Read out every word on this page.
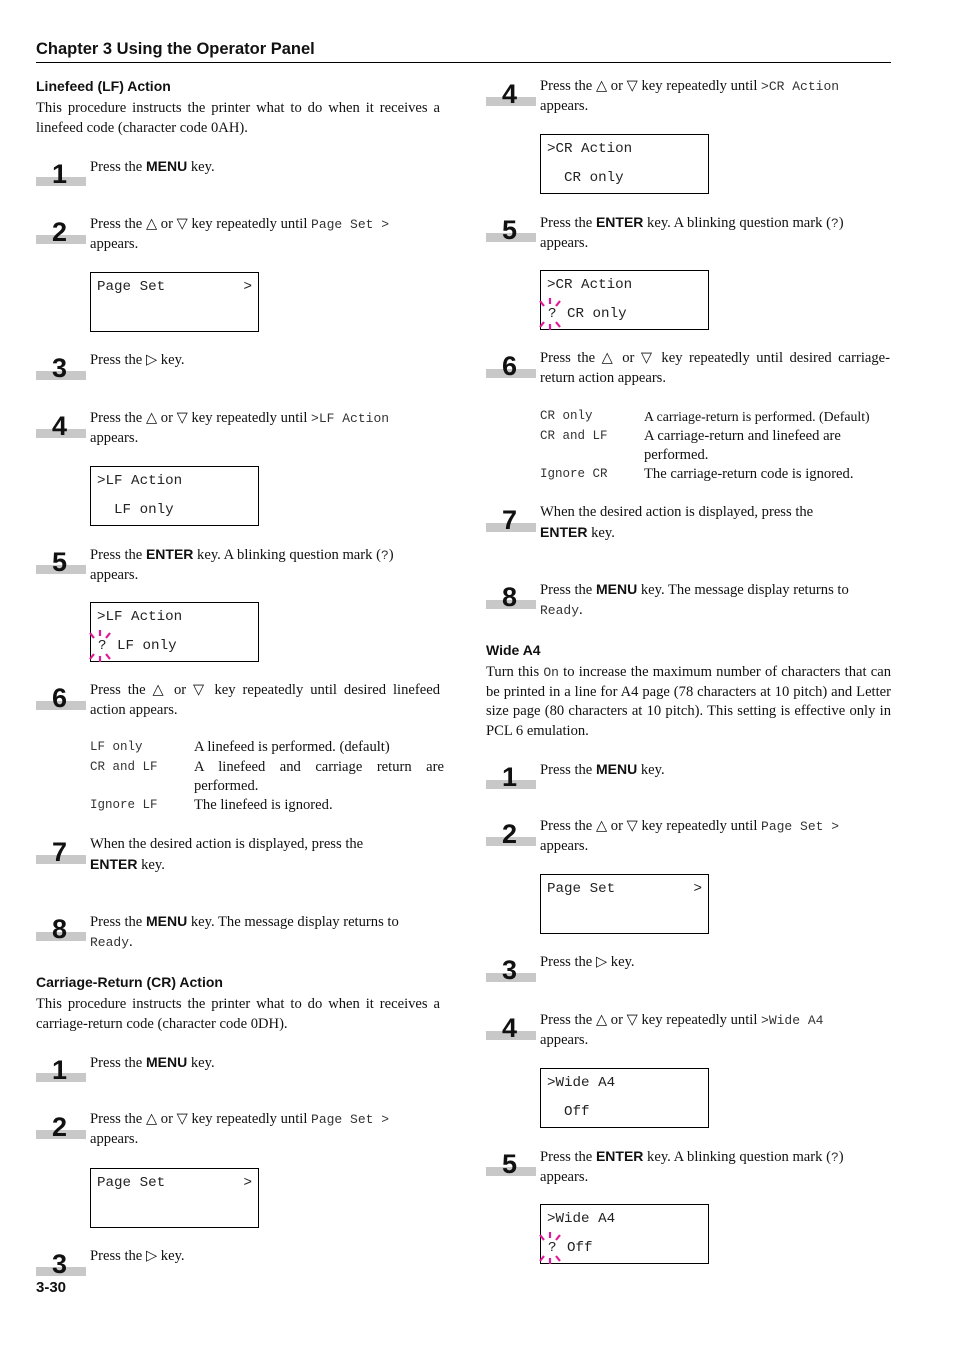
Chapter 3 Using the Operator Panel
Linefeed (LF) Action
This procedure instructs the printer what to do when it receives a linefeed code (character code 0AH).
1 Press the MENU key.
2 Press the △ or ▽ key repeatedly until Page Set >
appears.
Page Set	>
3 Press the ▷ key.
4 Press the △ or ▽ key repeatedly until >LF Action
appears.
>LF Action
LF only
5 Press the ENTER key. A blinking question mark (?) appears.
>LF Action
? LF only
6 Press the △ or ▽ key repeatedly until desired linefeed action appears.
LF only	A linefeed is performed. (default)
CR and LF A linefeed and carriage return are performed.
Ignore LF The linefeed is ignored.
7 When the desired action is displayed, press the
ENTER key.
8 Press the MENU key. The message display returns to
Ready.
Carriage-Return (CR) Action
This procedure instructs the printer what to do when it receives a carriage-return code (character code 0DH).
1 Press the MENU key.
2 Press the △ or ▽ key repeatedly until Page Set >
appears.
Page Set	>
3 Press the ▷ key.
4 Press the △ or ▽ key repeatedly until >CR Action
appears.
>CR Action
CR only
5 Press the ENTER key. A blinking question mark (?) appears.
>CR Action
? CR only
6 Press the △ or ▽ key repeatedly until desired carriage-return action appears.
CR only	A carriage-return is performed. (Default)
CR and LF A carriage-return and linefeed are performed.
Ignore CR The carriage-return code is ignored.
7 When the desired action is displayed, press the
ENTER key.
8 Press the MENU key. The message display returns to
Ready.
Wide A4
Turn this On to increase the maximum number of characters that can be printed in a line for A4 page (78 characters at 10 pitch) and Letter size page (80 characters at 10 pitch). This setting is effective only in PCL 6 emulation.
1 Press the MENU key.
2 Press the △ or ▽ key repeatedly until Page Set >
appears.
Page Set	>
3 Press the ▷ key.
4 Press the △ or ▽ key repeatedly until >Wide A4
appears.
>Wide A4
Off
5 Press the ENTER key. A blinking question mark (?) appears.
>Wide A4
? Off
3-30
